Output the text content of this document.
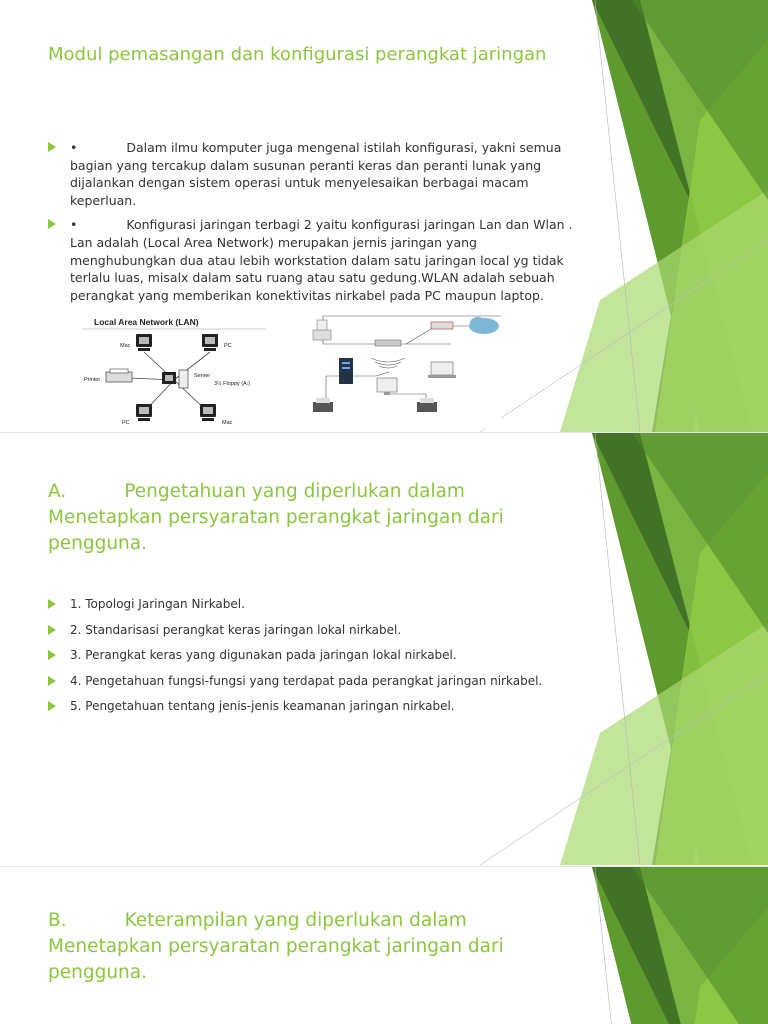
Modul pemasangan dan konfigurasi perangkat jaringan
•	Dalam ilmu komputer juga mengenal istilah konfigurasi, yakni semua bagian yang tercakup dalam susunan peranti keras dan peranti lunak yang dijalankan dengan sistem operasi untuk menyelesaikan berbagai macam keperluan.
•	Konfigurasi jaringan terbagi 2 yaitu konfigurasi jaringan Lan dan Wlan . Lan adalah (Local Area Network) merupakan jernis jaringan yang menghubungkan dua atau lebih workstation dalam satu jaringan local yg tidak terlalu luas, misalx dalam satu ruang atau satu gedung.WLAN adalah sebuah perangkat yang memberikan konektivitas nirkabel pada PC maupun laptop.
Local Area Network (LAN)
Mac	PC
Printer
Server
3½ Floppy (A:)
PC	Mac
A.	Pengetahuan yang diperlukan dalam Menetapkan persyaratan perangkat jaringan dari pengguna.
1. Topologi Jaringan Nirkabel.
2. Standarisasi perangkat keras jaringan lokal nirkabel.
3. Perangkat keras yang digunakan pada jaringan lokal nirkabel.
4. Pengetahuan fungsi-fungsi yang terdapat pada perangkat jaringan nirkabel.
5. Pengetahuan tentang jenis-jenis keamanan jaringan nirkabel.
B.	Keterampilan yang diperlukan dalam Menetapkan persyaratan perangkat jaringan dari pengguna.
